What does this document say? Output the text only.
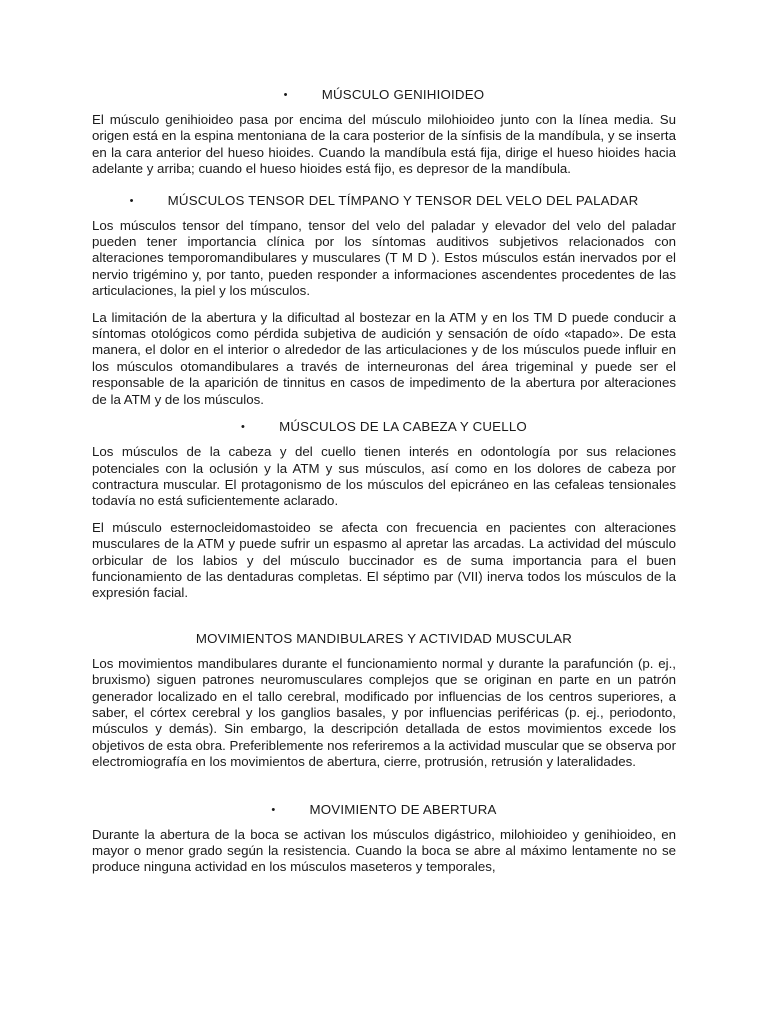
•	MÚSCULO GENIHIOIDEO

El músculo genihioideo pasa por encima del músculo milohioideo junto con la línea media. Su origen está en la espina mentoniana de la cara posterior de la sínfisis de la mandíbula, y se inserta en la cara anterior del hueso hioides. Cuando la mandíbula está fija, dirige el hueso hioides hacia adelante y arriba; cuando el hueso hioides está fijo, es depresor de la mandíbula.

•	MÚSCULOS TENSOR DEL TÍMPANO Y TENSOR DEL VELO DEL PALADAR

Los músculos tensor del tímpano, tensor del velo del paladar y elevador del velo del paladar pueden tener importancia clínica por los síntomas auditivos subjetivos relacionados con alteraciones temporomandibulares y musculares (T M D ). Estos músculos están inervados por el nervio trigémino y, por tanto, pueden responder a informaciones ascendentes procedentes de las articulaciones, la piel y los músculos.

La limitación de la abertura y la dificultad al bostezar en la ATM y en los TM D puede conducir a síntomas otológicos como pérdida subjetiva de audición y sensación de oído «tapado». De esta manera, el dolor en el interior o alrededor de las articulaciones y de los músculos puede influir en los músculos otomandibulares a través de interneuronas del área trigeminal y puede ser el responsable de la aparición de tinnitus en casos de impedimento de la abertura por alteraciones de la ATM y de los músculos.

•	MÚSCULOS DE LA CABEZA Y CUELLO

Los músculos de la cabeza y del cuello tienen interés en odontología por sus relaciones potenciales con la oclusión y la ATM y sus músculos, así como en los dolores de cabeza por contractura muscular. El protagonismo de los músculos del epicráneo en las cefaleas tensionales todavía no está suficientemente aclarado.

El músculo esternocleidomastoideo se afecta con frecuencia en pacientes con alteraciones musculares de la ATM y puede sufrir un espasmo al apretar las arcadas. La actividad del músculo orbicular de los labios y del músculo buccinador es de suma importancia para el buen funcionamiento de las dentaduras completas. El séptimo par (VII) inerva todos los músculos de la expresión facial.

MOVIMIENTOS MANDIBULARES Y ACTIVIDAD MUSCULAR

Los movimientos mandibulares durante el funcionamiento normal y durante la parafunción (p. ej., bruxismo) siguen patrones neuromusculares complejos que se originan en parte en un patrón generador localizado en el tallo cerebral, modificado por influencias de los centros superiores, a saber, el córtex cerebral y los ganglios basales, y por influencias periféricas (p. ej., periodonto, músculos y demás). Sin embargo, la descripción detallada de estos movimientos excede los objetivos de esta obra. Preferiblemente nos referiremos a la actividad muscular que se observa por electromiografía en los movimientos de abertura, cierre, protrusión, retrusión y lateralidades.

•	MOVIMIENTO DE ABERTURA

Durante la abertura de la boca se activan los músculos digástrico, milohioideo y genihioideo, en mayor o menor grado según la resistencia. Cuando la boca se abre al máximo lentamente no se produce ninguna actividad en los músculos maseteros y temporales,
